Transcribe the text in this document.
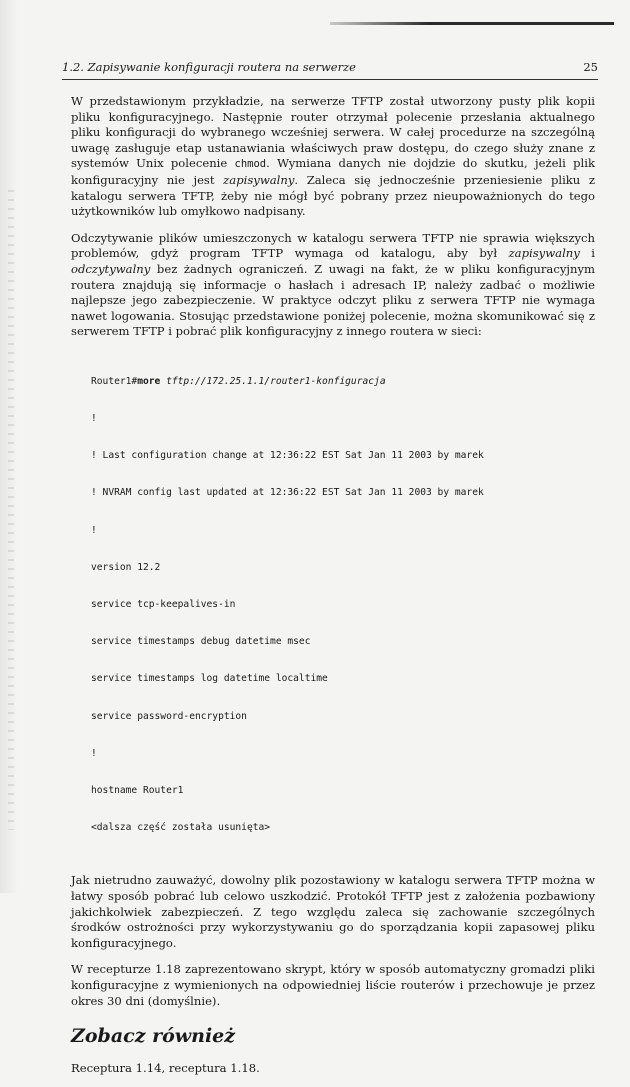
1.2. Zapisywanie konfiguracji routera na serwerze	25

W przedstawionym przykładzie, na serwerze TFTP został utworzony pusty plik kopii pliku konfiguracyjnego. Następnie router otrzymał polecenie przesłania aktualnego pliku konfiguracji do wybranego wcześniej serwera. W całej procedurze na szczególną uwagę zasługuje etap ustanawiania właściwych praw dostępu, do czego służy znane z systemów Unix polecenie chmod. Wymiana danych nie dojdzie do skutku, jeżeli plik konfiguracyjny nie jest zapisywalny. Zaleca się jednocześnie przeniesienie pliku z katalogu serwera TFTP, żeby nie mógł być pobrany przez nieupoważnionych do tego użytkowników lub omyłkowo nadpisany.

Odczytywanie plików umieszczonych w katalogu serwera TFTP nie sprawia większych problemów, gdyż program TFTP wymaga od katalogu, aby był zapisywalny i odczytywalny bez żadnych ograniczeń. Z uwagi na fakt, że w pliku konfiguracyjnym routera znajdują się informacje o hasłach i adresach IP, należy zadbać o możliwie najlepsze jego zabezpieczenie. W praktyce odczyt pliku z serwera TFTP nie wymaga nawet logowania. Stosując przedstawione poniżej polecenie, można skomunikować się z serwerem TFTP i pobrać plik konfiguracyjny z innego routera w sieci:

Router1#more tftp://172.25.1.1/router1-konfiguracja

!

! Last configuration change at 12:36:22 EST Sat Jan 11 2003 by marek

! NVRAM config last updated at 12:36:22 EST Sat Jan 11 2003 by marek

!

version 12.2

service tcp-keepalives-in

service timestamps debug datetime msec

service timestamps log datetime localtime

service password-encryption

!

hostname Router1

<dalsza część została usunięta>

Jak nietrudno zauważyć, dowolny plik pozostawiony w katalogu serwera TFTP można w łatwy sposób pobrać lub celowo uszkodzić. Protokół TFTP jest z założenia pozbawiony jakichkolwiek zabezpieczeń. Z tego względu zaleca się zachowanie szczególnych środków ostrożności przy wykorzystywaniu go do sporządzania kopii zapasowej pliku konfiguracyjnego.

W recepturze 1.18 zaprezentowano skrypt, który w sposób automatyczny gromadzi pliki konfiguracyjne z wymienionych na odpowiedniej liście routerów i przechowuje je przez okres 30 dni (domyślnie).

Zobacz również

Receptura 1.14, receptura 1.18.
